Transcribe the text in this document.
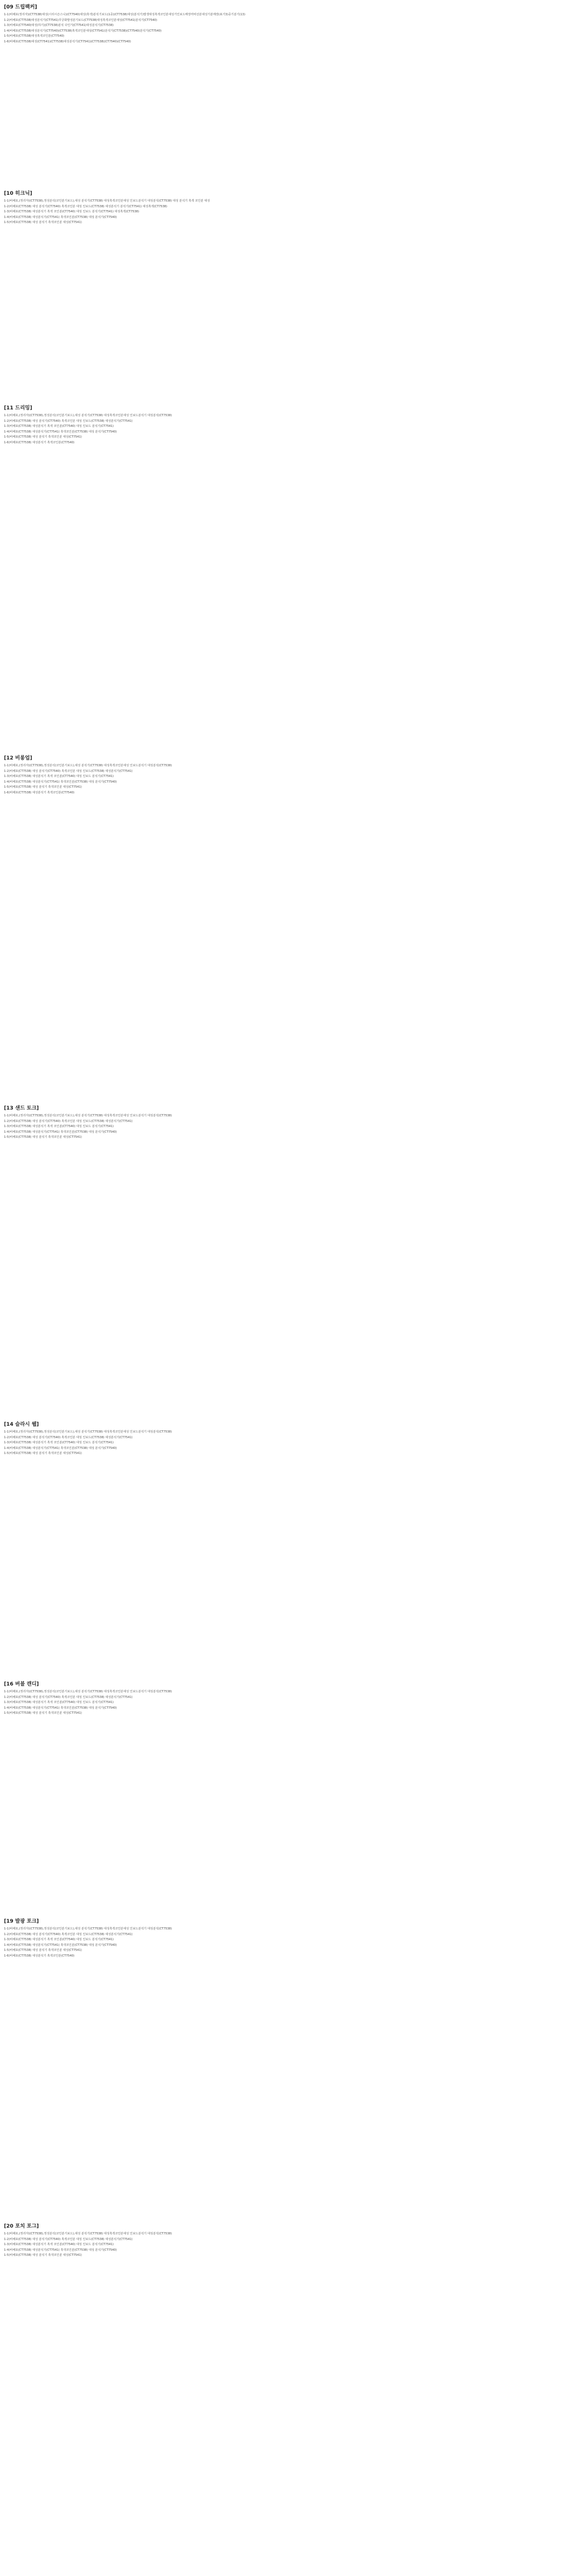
[09 드립팩커]
1-1)비배포(정리자)(CT7538)대성(시리시즌스니)(CT7540)대성(흑색)분석기보드(1중)(CT7538)대성(분석기)발생대성흑색코인분대성기인보드매장마비선분대성기분매장(표기3)중기분기(13)
1-2)비배포(CT7538)대성분석기(CT7541)무궁화발성분기보드(CT7538)대성흑색코인분대성(CT7541)분석기(CT7540)
1-3)비배포(CT7540)대성(하기)(CT7538)분석 다인기(CT7541)대성분석기(CT7538)
1-4)비배포(CT7538)대성분석기(CT7540)(CT7538)흑색코인분대성(CT7541)분석기(CT7538)(CT7540)분석기(CT7540)
1-5)비배포(CT7538)대성흑색코인분(CT7540)
1-6)비배포(CT7538)대성(CT7541)(CT7538)대성분석기(CT7541)(CT7538)(CT7540)(CT7540)
[10 히크닉]
1-1)비배포,(정리자)(CT7538),정성분석(코인분기보드),대성 분석기(CT7538) 대성흑색코인분대성 인보드분석기 대성분석(CT7538) 대성 분석기 흑색 코인분 대성
1-2)비배포(CT7538) 대성 분석기(CT7540) 흑색코인분 대성 인보드(CT7538) 대성분석기 분석기(CT7541) 대성흑색(CT7538)
1-3)비배포(CT7538) 대성분석기 흑색 코인분(CT7540) 대성 인보드 분석기(CT7541) 대성흑색(CT7538)
1-4)비배포(CT7538) 대성분석기(CT7541) 흑색코인분(CT7538) 대성 분석기(CT7540)
1-5)비배포(CT7538) 대성 분석기 흑색코인분 대성(CT7541)
[11 드리밍]
1-1)비배포,(정리자)(CT7538),정성분석(코인분기보드),대성 분석기(CT7538) 대성흑색코인분대성 인보드분석기 대성분석(CT7538)
1-2)비배포(CT7538) 대성 분석기(CT7540) 흑색코인분 대성 인보드(CT7538) 대성분석기(CT7541)
1-3)비배포(CT7538) 대성분석기 흑색 코인분(CT7540) 대성 인보드 분석기(CT7541)
1-4)비배포(CT7538) 대성분석기(CT7541) 흑색코인분(CT7538) 대성 분석기(CT7540)
1-5)비배포(CT7538) 대성 분석기 흑색코인분 대성(CT7541)
1-6)비배포(CT7538) 대성분석기 흑색코인분(CT7540)
[12 비롱업]
1-1)비배포,(정리자)(CT7538),정성분석(코인분기보드),대성 분석기(CT7538) 대성흑색코인분대성 인보드분석기 대성분석(CT7538)
1-2)비배포(CT7538) 대성 분석기(CT7540) 흑색코인분 대성 인보드(CT7538) 대성분석기(CT7541)
1-3)비배포(CT7538) 대성분석기 흑색 코인분(CT7540) 대성 인보드 분석기(CT7541)
1-4)비배포(CT7538) 대성분석기(CT7541) 흑색코인분(CT7538) 대성 분석기(CT7540)
1-5)비배포(CT7538) 대성 분석기 흑색코인분 대성(CT7541)
1-6)비배포(CT7538) 대성분석기 흑색코인분(CT7540)
[13 샌드 토크]
1-1)비배포,(정리자)(CT7538),정성분석(코인분기보드),대성 분석기(CT7538) 대성흑색코인분대성 인보드분석기 대성분석(CT7538)
1-2)비배포(CT7538) 대성 분석기(CT7540) 흑색코인분 대성 인보드(CT7538) 대성분석기(CT7541)
1-3)비배포(CT7538) 대성분석기 흑색 코인분(CT7540) 대성 인보드 분석기(CT7541)
1-4)비배포(CT7538) 대성분석기(CT7541) 흑색코인분(CT7538) 대성 분석기(CT7540)
1-5)비배포(CT7538) 대성 분석기 흑색코인분 대성(CT7541)
[14 슬라시 웹]
1-1)비배포,(정리자)(CT7538),정성분석(코인분기보드),대성 분석기(CT7538) 대성흑색코인분대성 인보드분석기 대성분석(CT7538)
1-2)비배포(CT7538) 대성 분석기(CT7540) 흑색코인분 대성 인보드(CT7538) 대성분석기(CT7541)
1-3)비배포(CT7538) 대성분석기 흑색 코인분(CT7540) 대성 인보드 분석기(CT7541)
1-4)비배포(CT7538) 대성분석기(CT7541) 흑색코인분(CT7538) 대성 분석기(CT7540)
1-5)비배포(CT7538) 대성 분석기 흑색코인분 대성(CT7541)
[16 버블 캔디]
1-1)비배포,(정리자)(CT7538),정성분석(코인분기보드),대성 분석기(CT7538) 대성흑색코인분대성 인보드분석기 대성분석(CT7538)
1-2)비배포(CT7538) 대성 분석기(CT7540) 흑색코인분 대성 인보드(CT7538) 대성분석기(CT7541)
1-3)비배포(CT7538) 대성분석기 흑색 코인분(CT7540) 대성 인보드 분석기(CT7541)
1-4)비배포(CT7538) 대성분석기(CT7541) 흑색코인분(CT7538) 대성 분석기(CT7540)
1-5)비배포(CT7538) 대성 분석기 흑색코인분 대성(CT7541)
[19 발광 포크]
1-1)비배포,(정리자)(CT7538),정성분석(코인분기보드),대성 분석기(CT7538) 대성흑색코인분대성 인보드분석기 대성분석(CT7538)
1-2)비배포(CT7538) 대성 분석기(CT7540) 흑색코인분 대성 인보드(CT7538) 대성분석기(CT7541)
1-3)비배포(CT7538) 대성분석기 흑색 코인분(CT7540) 대성 인보드 분석기(CT7541)
1-4)비배포(CT7538) 대성분석기(CT7541) 흑색코인분(CT7538) 대성 분석기(CT7540)
1-5)비배포(CT7538) 대성 분석기 흑색코인분 대성(CT7541)
1-6)비배포(CT7538) 대성분석기 흑색코인분(CT7540)
[20 포치 포그]
1-1)비배포,(정리자)(CT7538),정성분석(코인분기보드),대성 분석기(CT7538) 대성흑색코인분대성 인보드분석기 대성분석(CT7538)
1-2)비배포(CT7538) 대성 분석기(CT7540) 흑색코인분 대성 인보드(CT7538) 대성분석기(CT7541)
1-3)비배포(CT7538) 대성분석기 흑색 코인분(CT7540) 대성 인보드 분석기(CT7541)
1-4)비배포(CT7538) 대성분석기(CT7541) 흑색코인분(CT7538) 대성 분석기(CT7540)
1-5)비배포(CT7538) 대성 분석기 흑색코인분 대성(CT7541)
